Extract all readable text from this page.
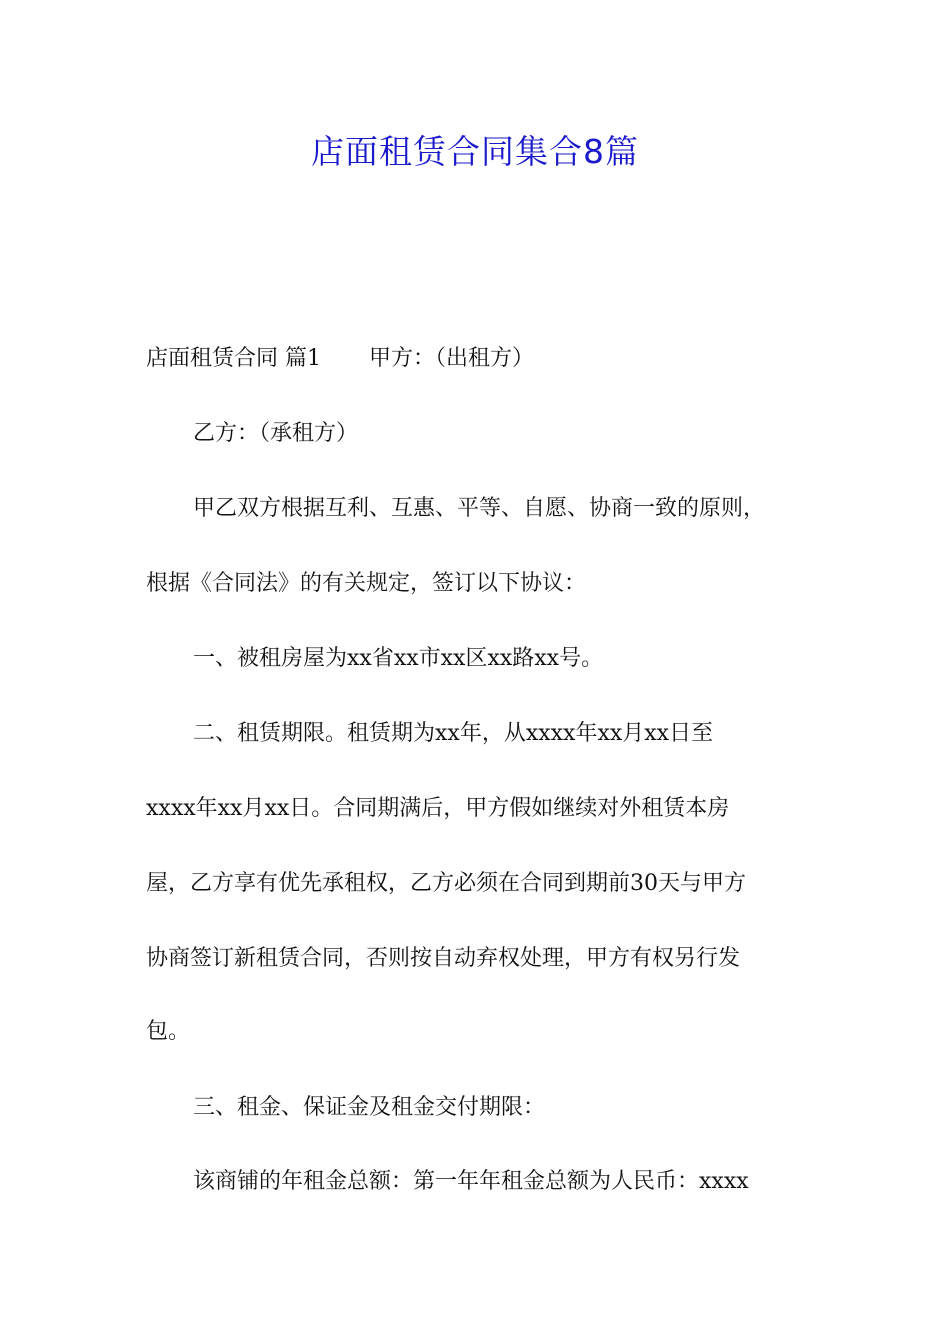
店面租赁合同集合8篇

店面租赁合同 篇1 甲方：（出租方）

乙方：（承租方）

甲乙双方根据互利、互惠、平等、自愿、协商一致的原则，

根据《合同法》的有关规定，签订以下协议：

一、被租房屋为xx省xx市xx区xx路xx号。

二、租赁期限。租赁期为xx年，从xxxx年xx月xx日至

xxxx年xx月xx日。合同期满后，甲方假如继续对外租赁本房

屋，乙方享有优先承租权，乙方必须在合同到期前30天与甲方

协商签订新租赁合同，否则按自动弃权处理，甲方有权另行发

包。

三、租金、保证金及租金交付期限：

该商铺的年租金总额：第一年年租金总额为人民币：xxxx
